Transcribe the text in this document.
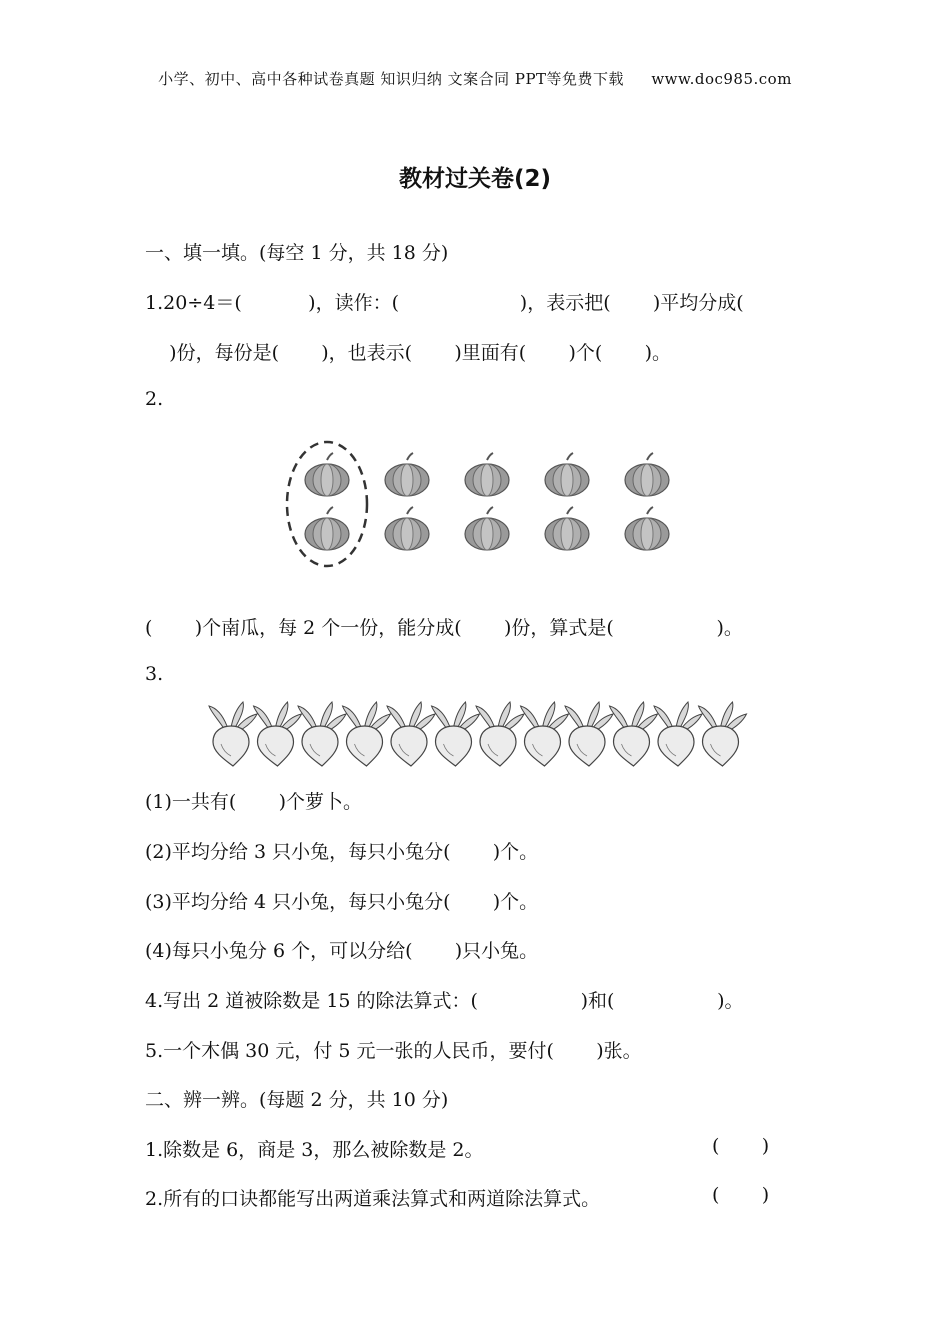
小学、初中、高中各种试卷真题 知识归纳 文案合同 PPT等免费下载 www.doc985.com
教材过关卷(2)
一、填一填。(每空 1 分，共 18 分)
1.20÷4＝(           )，读作：(                    )，表示把(       )平均分成(
)份，每份是(       )，也表示(       )里面有(       )个(       )。
2.
(       )个南瓜，每 2 个一份，能分成(       )份，算式是(                 )。
3.
(1)一共有(       )个萝卜。
(2)平均分给 3 只小兔，每只小兔分(       )个。
(3)平均分给 4 只小兔，每只小兔分(       )个。
(4)每只小兔分 6 个，可以分给(       )只小兔。
4.写出 2 道被除数是 15 的除法算式：(                 )和(                 )。
5.一个木偶 30 元，付 5 元一张的人民币，要付(       )张。
二、辨一辨。(每题 2 分，共 10 分)
1.除数是 6，商是 3，那么被除数是 2。	(       )
2.所有的口诀都能写出两道乘法算式和两道除法算式。	(       )
